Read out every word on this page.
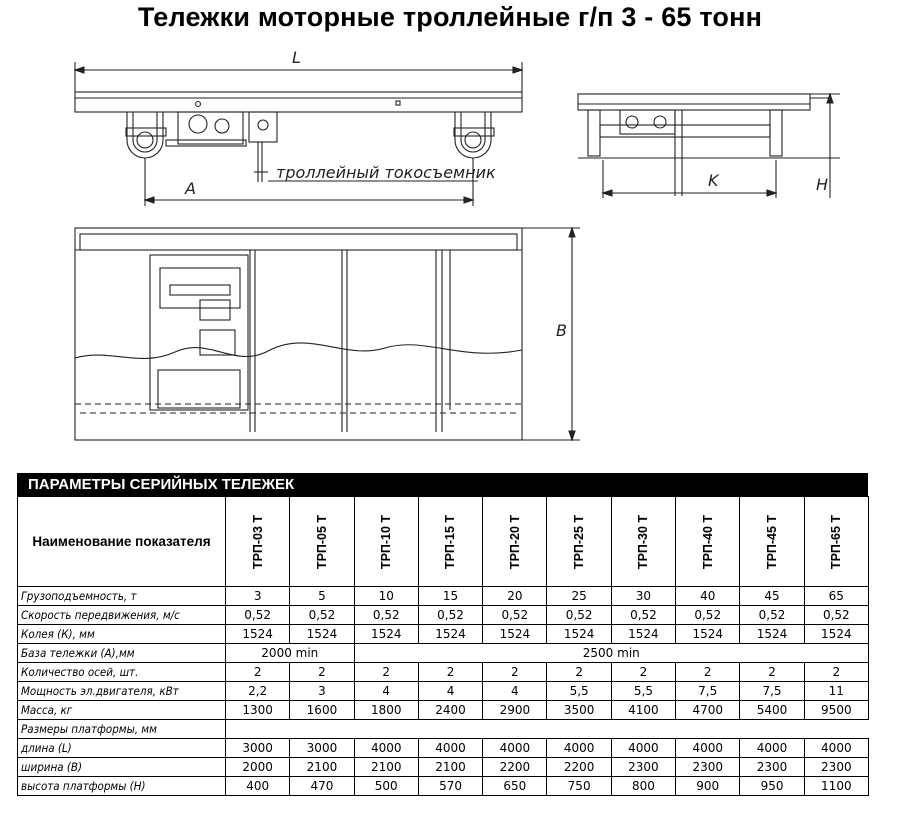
Тележки моторные троллейные г/п 3 - 65 тонн
L
троллейный токосъемник
A	K	H
B
ПАРАМЕТРЫ СЕРИЙНЫХ ТЕЛЕЖЕК
Наименование показателя	ТРП-03 Т	ТРП-05 Т	ТРП-10 Т	ТРП-15 Т	ТРП-20 Т	ТРП-25 Т	ТРП-30 Т	ТРП-40 Т	ТРП-45 Т	ТРП-65 Т
Грузоподъемность, т	3	5	10	15	20	25	30	40	45	65
Скорость передвижения, м/с	0,52	0,52	0,52	0,52	0,52	0,52	0,52	0,52	0,52	0,52
Колея (К), мм	1524	1524	1524	1524	1524	1524	1524	1524	1524	1524
База тележки (А),мм	2000 min		2500 min							
Количество осей, шт.	2	2	2	2	2	2	2	2	2	2
Мощность эл.двигателя, кВт	2,2	3	4	4	4	5,5	5,5	7,5	7,5	11
Масса, кг	1300	1600	1800	2400	2900	3500	4100	4700	5400	9500
Размеры платформы, мм										
длина (L)	3000	3000	4000	4000	4000	4000	4000	4000	4000	4000
ширина (B)	2000	2100	2100	2100	2200	2200	2300	2300	2300	2300
высота платформы (H)	400	470	500	570	650	750	800	900	950	1100
